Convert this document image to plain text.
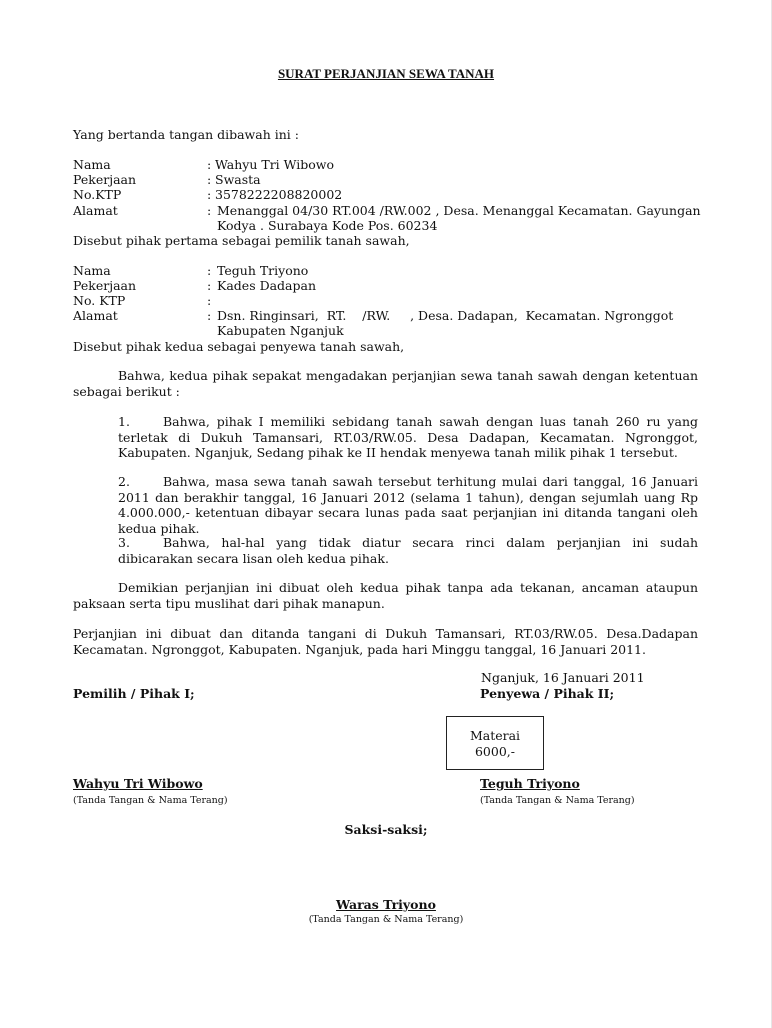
SURAT PERJANJIAN SEWA TANAH
Yang bertanda tangan dibawah ini :
Nama	: Wahyu Tri Wibowo
Pekerjaan	: Swasta
No.KTP	: 3578222208820002
Alamat	: Menanggal 04/30 RT.004 /RW.002 , Desa. Menanggal Kecamatan. Gayungan
Kodya . Surabaya Kode Pos. 60234
Disebut pihak pertama sebagai pemilik tanah sawah,
Nama	: Teguh Triyono
Pekerjaan	: Kades Dadapan
No. KTP	:
Alamat	: Dsn. Ringinsari,  RT.    /RW.     , Desa. Dadapan,  Kecamatan. Ngronggot
Kabupaten Nganjuk
Disebut pihak kedua sebagai penyewa tanah sawah,
Bahwa, kedua pihak sepakat mengadakan perjanjian sewa tanah sawah dengan ketentuan sebagai berikut :
1.	Bahwa, pihak I memiliki sebidang tanah sawah dengan luas tanah 260 ru yang terletak di Dukuh Tamansari, RT.03/RW.05. Desa Dadapan, Kecamatan. Ngronggot, Kabupaten. Nganjuk, Sedang pihak ke II hendak menyewa tanah milik pihak 1 tersebut.
2.	Bahwa, masa sewa tanah sawah tersebut terhitung mulai dari tanggal, 16 Januari 2011 dan berakhir tanggal, 16 Januari 2012 (selama 1 tahun), dengan sejumlah uang Rp 4.000.000,- ketentuan dibayar secara lunas pada saat perjanjian ini ditanda tangani oleh kedua pihak.
3.	Bahwa, hal-hal yang tidak diatur secara rinci dalam perjanjian ini sudah dibicarakan secara lisan oleh kedua pihak.
Demikian perjanjian ini dibuat oleh kedua pihak tanpa ada tekanan, ancaman ataupun paksaan serta tipu muslihat dari pihak manapun.
Perjanjian ini dibuat dan ditanda tangani di Dukuh Tamansari, RT.03/RW.05. Desa.Dadapan Kecamatan. Ngronggot, Kabupaten. Nganjuk, pada hari Minggu tanggal, 16 Januari 2011.
Nganjuk, 16 Januari 2011
Pemilih / Pihak I;	Penyewa / Pihak II;
Materai
6000,-
Wahyu Tri Wibowo
(Tanda Tangan & Nama Terang)
Teguh Triyono
(Tanda Tangan & Nama Terang)
Saksi-saksi;
Waras Triyono
(Tanda Tangan & Nama Terang)
